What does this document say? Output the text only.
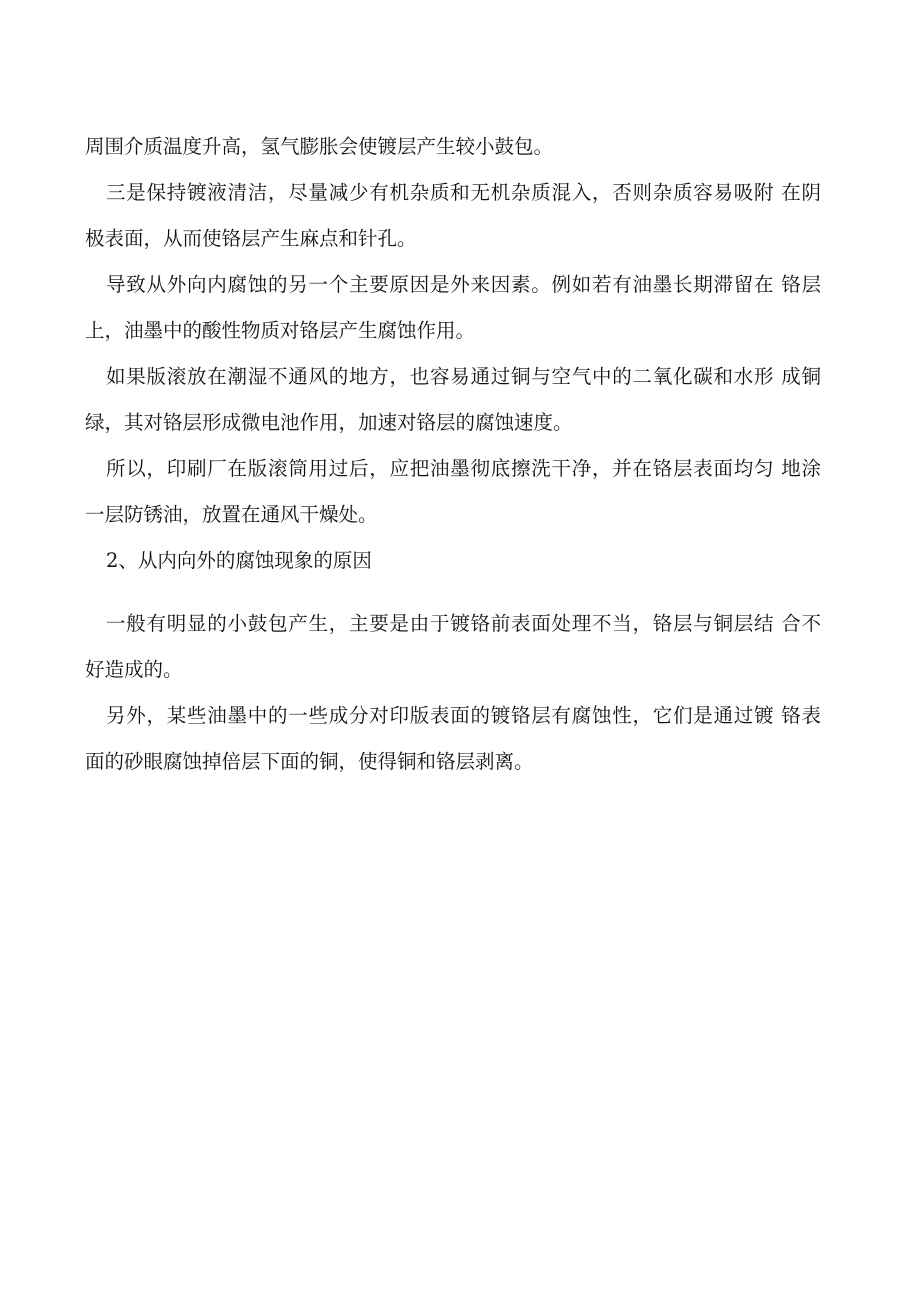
周围介质温度升高，氢气膨胀会使镀层产生较小鼓包。
三是保持镀液清洁，尽量减少有机杂质和无机杂质混入，否则杂质容易吸附 在阴
极表面，从而使铬层产生麻点和针孔。
导致从外向内腐蚀的另一个主要原因是外来因素。例如若有油墨长期滞留在 铬层
上，油墨中的酸性物质对铬层产生腐蚀作用。
如果版滚放在潮湿不通风的地方，也容易通过铜与空气中的二氧化碳和水形 成铜
绿，其对铬层形成微电池作用，加速对铬层的腐蚀速度。
所以，印刷厂在版滚筒用过后，应把油墨彻底擦洗干净，并在铬层表面均匀 地涂
一层防锈油，放置在通风干燥处。
2、从内向外的腐蚀现象的原因
一般有明显的小鼓包产生，主要是由于镀铬前表面处理不当，铬层与铜层结 合不
好造成的。
另外，某些油墨中的一些成分对印版表面的镀铬层有腐蚀性，它们是通过镀 铬表
面的砂眼腐蚀掉倍层下面的铜，使得铜和铬层剥离。
